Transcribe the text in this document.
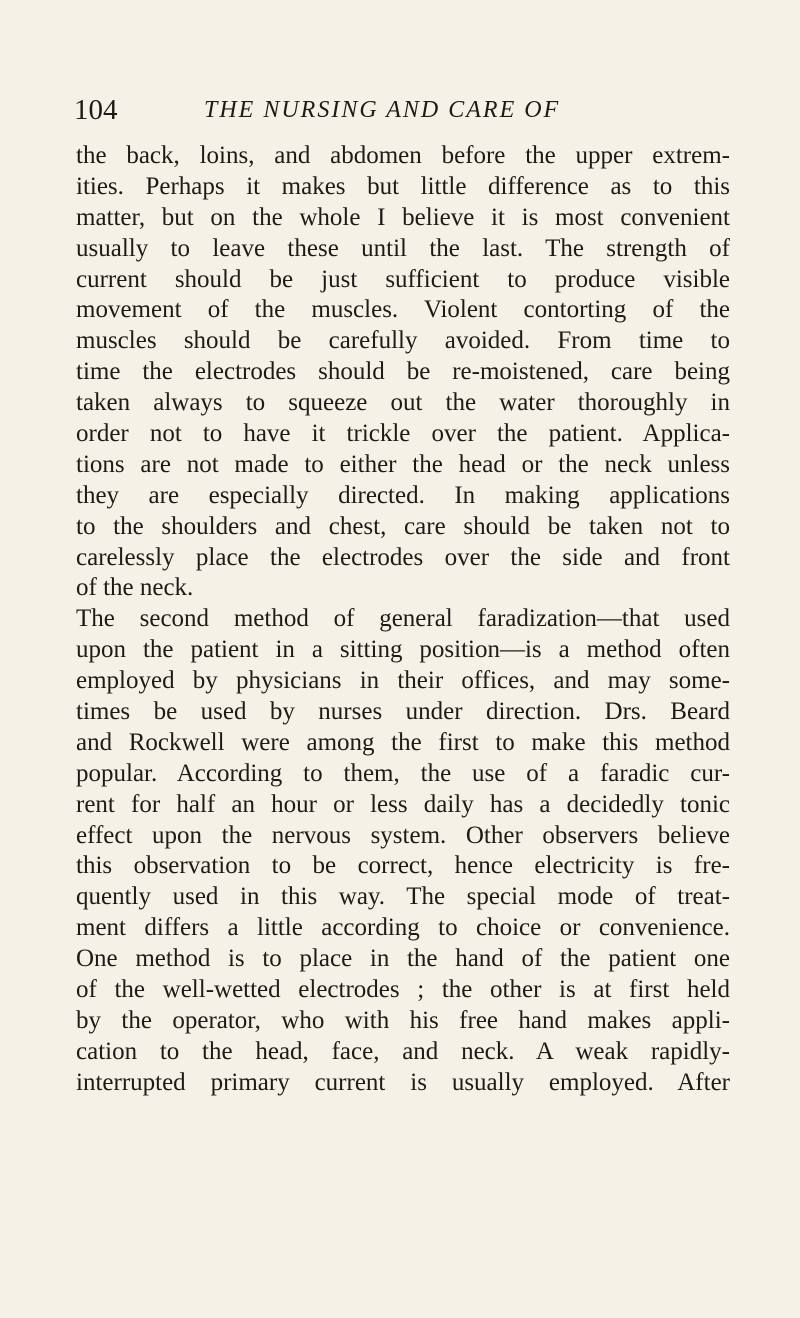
104	THE NURSING AND CARE OF
the back, loins, and abdomen before the upper extrem-
ities. Perhaps it makes but little difference as to this
matter, but on the whole I believe it is most convenient
usually to leave these until the last. The strength of
current should be just sufficient to produce visible
movement of the muscles. Violent contorting of the
muscles should be carefully avoided. From time to
time the electrodes should be re-moistened, care being
taken always to squeeze out the water thoroughly in
order not to have it trickle over the patient. Applica-
tions are not made to either the head or the neck unless
they are especially directed. In making applications
to the shoulders and chest, care should be taken not to
carelessly place the electrodes over the side and front
of the neck.
The second method of general faradization—that used
upon the patient in a sitting position—is a method often
employed by physicians in their offices, and may some-
times be used by nurses under direction. Drs. Beard
and Rockwell were among the first to make this method
popular. According to them, the use of a faradic cur-
rent for half an hour or less daily has a decidedly tonic
effect upon the nervous system. Other observers believe
this observation to be correct, hence electricity is fre-
quently used in this way. The special mode of treat-
ment differs a little according to choice or convenience.
One method is to place in the hand of the patient one
of the well-wetted electrodes ; the other is at first held
by the operator, who with his free hand makes appli-
cation to the head, face, and neck. A weak rapidly-
interrupted primary current is usually employed. After
